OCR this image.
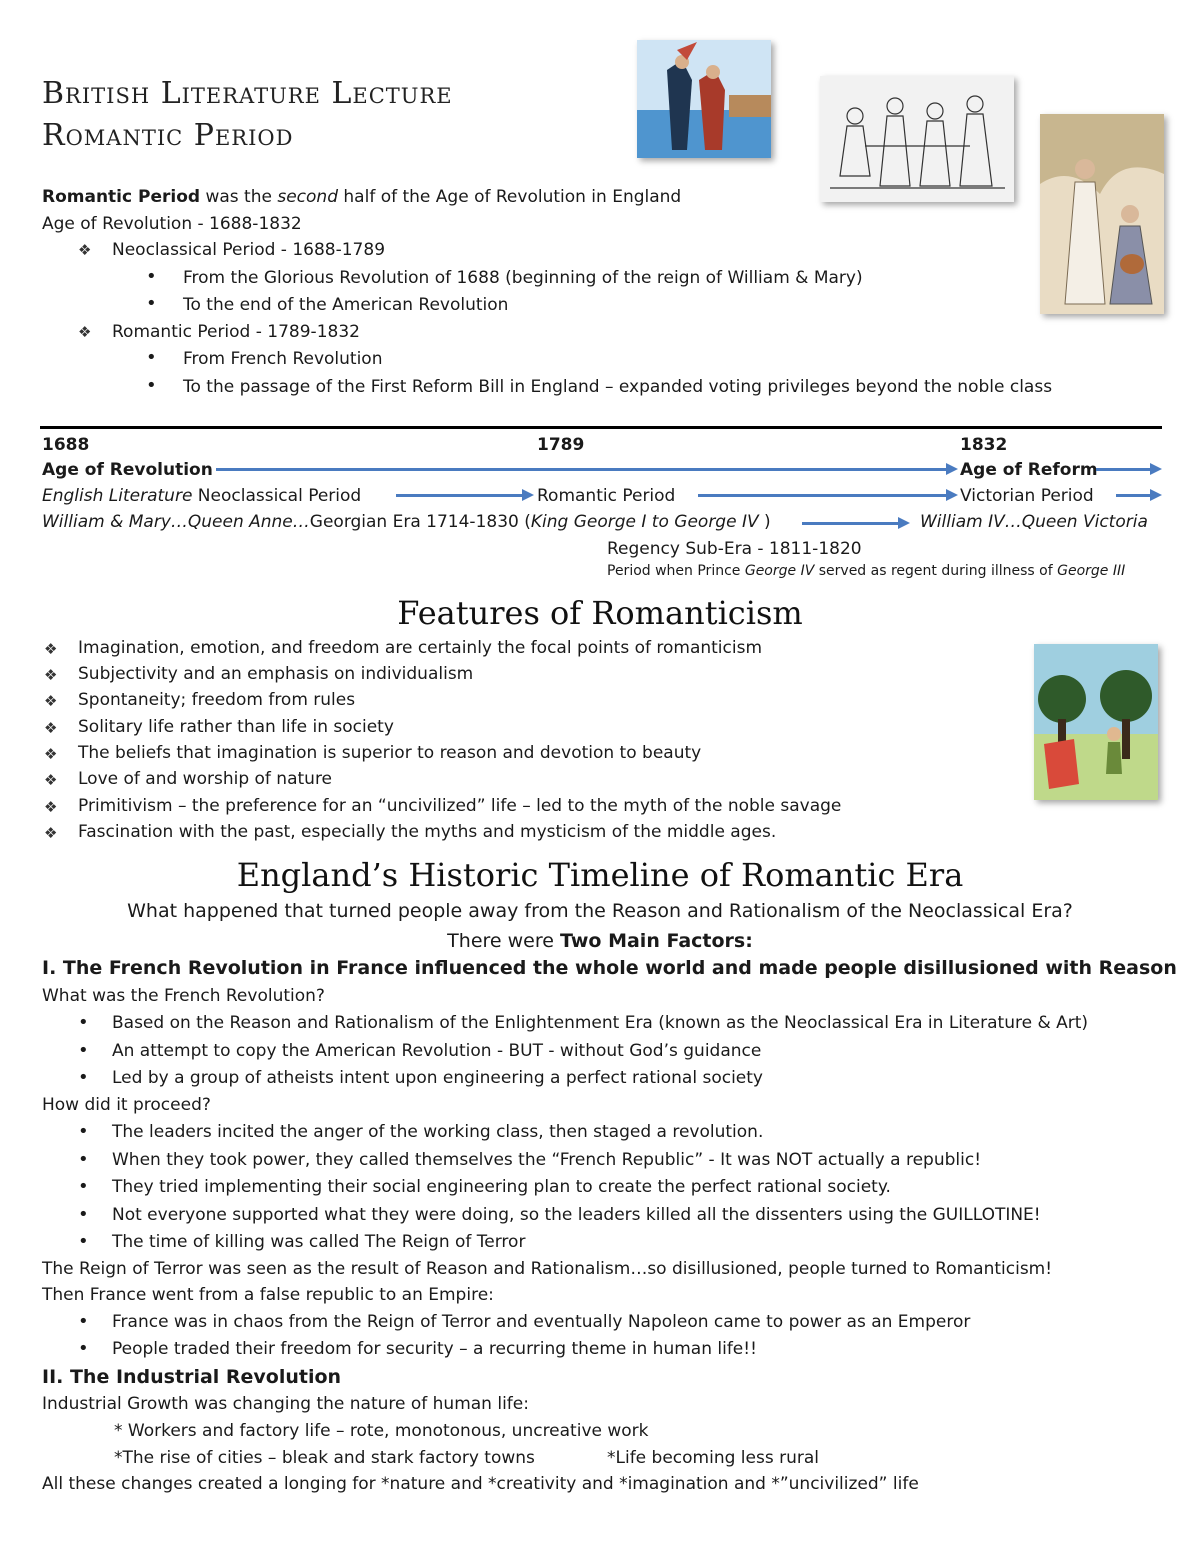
British Literature Lecture
Romantic Period
Romantic Period was the second half of the Age of Revolution in England
Age of Revolution - 1688-1832
❖ Neoclassical Period - 1688-1789
• From the Glorious Revolution of 1688 (beginning of the reign of William & Mary)
• To the end of the American Revolution
❖ Romantic Period - 1789-1832
• From French Revolution
• To the passage of the First Reform Bill in England – expanded voting privileges beyond the noble class
1688	1789	1832
Age of Revolution	Age of Reform
English Literature Neoclassical Period	Romantic Period	Victorian Period
William & Mary…Queen Anne…Georgian Era 1714-1830 (King George I to George IV )	William IV…Queen Victoria
Regency Sub-Era - 1811-1820
Period when Prince George IV served as regent during illness of George III
Features of Romanticism
❖ Imagination, emotion, and freedom are certainly the focal points of romanticism
❖ Subjectivity and an emphasis on individualism
❖ Spontaneity; freedom from rules
❖ Solitary life rather than life in society
❖ The beliefs that imagination is superior to reason and devotion to beauty
❖ Love of and worship of nature
❖ Primitivism – the preference for an “uncivilized” life – led to the myth of the noble savage
❖ Fascination with the past, especially the myths and mysticism of the middle ages.
England’s Historic Timeline of Romantic Era
What happened that turned people away from the Reason and Rationalism of the Neoclassical Era?
There were Two Main Factors:
I. The French Revolution in France influenced the whole world and made people disillusioned with Reason
What was the French Revolution?
• Based on the Reason and Rationalism of the Enlightenment Era (known as the Neoclassical Era in Literature & Art)
• An attempt to copy the American Revolution - BUT - without God’s guidance
• Led by a group of atheists intent upon engineering a perfect rational society
How did it proceed?
• The leaders incited the anger of the working class, then staged a revolution.
• When they took power, they called themselves the “French Republic” - It was NOT actually a republic!
• They tried implementing their social engineering plan to create the perfect rational society.
• Not everyone supported what they were doing, so the leaders killed all the dissenters using the GUILLOTINE!
• The time of killing was called The Reign of Terror
The Reign of Terror was seen as the result of Reason and Rationalism…so disillusioned, people turned to Romanticism!
Then France went from a false republic to an Empire:
• France was in chaos from the Reign of Terror and eventually Napoleon came to power as an Emperor
• People traded their freedom for security – a recurring theme in human life!!
II. The Industrial Revolution
Industrial Growth was changing the nature of human life:
* Workers and factory life – rote, monotonous, uncreative work
*The rise of cities – bleak and stark factory towns	*Life becoming less rural
All these changes created a longing for *nature and *creativity and *imagination and *”uncivilized” life
